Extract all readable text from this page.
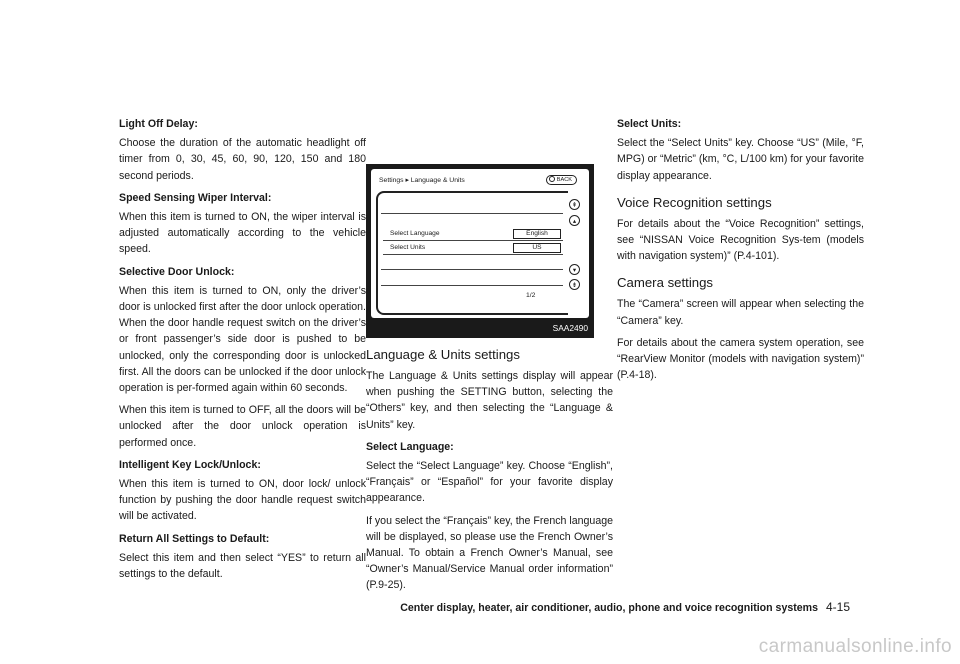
Light Off Delay:

Choose the duration of the automatic headlight off timer from 0, 30, 45, 60, 90, 120, 150 and 180 second periods.

Speed Sensing Wiper Interval:

When this item is turned to ON, the wiper interval is adjusted automatically according to the vehicle speed.

Selective Door Unlock:

When this item is turned to ON, only the driver’s door is unlocked first after the door unlock operation. When the door handle request switch on the driver’s or front passenger’s side door is pushed to be unlocked, only the corresponding door is unlocked first. All the doors can be unlocked if the door unlock operation is per-formed again within 60 seconds.

When this item is turned to OFF, all the doors will be unlocked after the door unlock operation is performed once.

Intelligent Key Lock/Unlock:

When this item is turned to ON, door lock/ unlock function by pushing the door handle request switch will be activated.

Return All Settings to Default:

Select this item and then select “YES” to return all settings to the default.

Settings ▸ Language & Units	BACK
Select Language	English
Select Units	US
1/2
⇞
▴
▾
⇟
SAA2490
Language & Units settings

The Language & Units settings display will appear when pushing the SETTING button, selecting the “Others” key, and then selecting the “Language & Units” key.

Select Language:

Select the “Select Language” key. Choose “English”, “Français” or “Español” for your favorite display appearance.

If you select the “Français” key, the French language will be displayed, so please use the French Owner’s Manual. To obtain a French Owner’s Manual, see “Owner’s Manual/Service Manual order information” (P.9-25).

Select Units:

Select the “Select Units” key. Choose “US” (Mile, °F, MPG) or “Metric” (km, °C, L/100 km) for your favorite display appearance.

Voice Recognition settings

For details about the “Voice Recognition” settings, see “NISSAN Voice Recognition Sys-tem (models with navigation system)” (P.4-101).

Camera settings

The “Camera” screen will appear when selecting the “Camera” key.

For details about the camera system operation, see “RearView Monitor (models with navigation system)” (P.4-18).

Center display, heater, air conditioner, audio, phone and voice recognition systems 4-15
carmanualsonline.info
